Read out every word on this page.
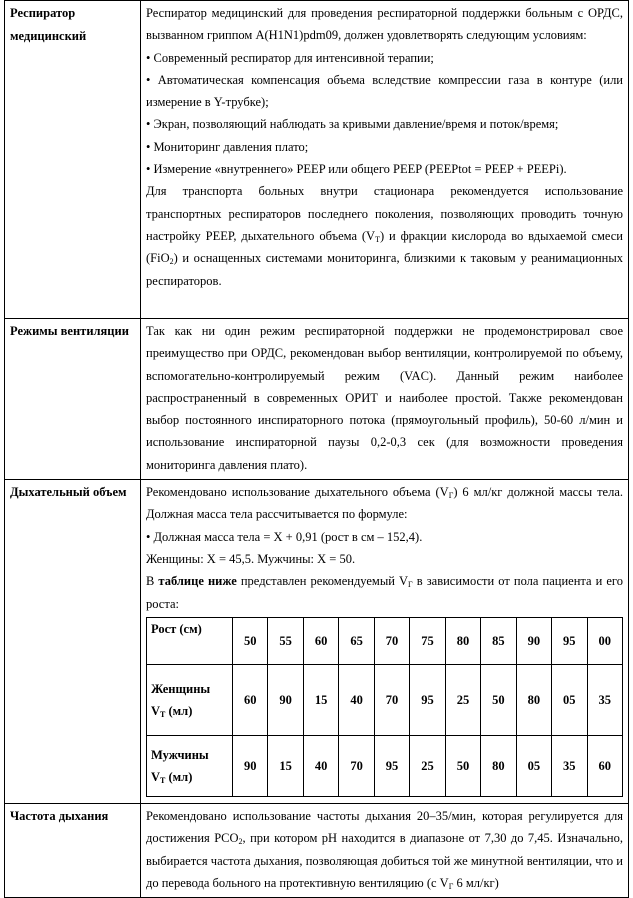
Респиратор медицинский	

Респиратор медицинский для проведения респираторной поддержки больным с ОРДС, вызванном гриппом A(H1N1)pdm09, должен удовлетворять следующим условиям:

• Современный респиратор для интенсивной терапии;

• Автоматическая компенсация объема вследствие компрессии газа в контуре (или измерение в Y-трубке);

• Экран, позволяющий наблюдать за кривыми давление/время и поток/время;

• Мониторинг давления плато;

• Измерение «внутреннего» PEEP или общего PEEP (PEEPtot = PEEP + PEEPi).

Для транспорта больных внутри стационара рекомендуется использование транспортных респираторов последнего поколения, позволяющих проводить точную настройку PEEP, дыхательного объема $(V_T)$ и фракции кислорода во вдыхаемой смеси (FiO$_2$) и оснащенных системами мониторинга, близкими к таковым у реанимационных респираторов.

Режимы вентиляции	Так как ни один режим респираторной поддержки не продемонстрировал свое преимущество при ОРДС, рекомендован выбор вентиляции, контролируемой по объему, вспомогательно-контролируемый режим (VAC). Данный режим наиболее распространенный в современных ОРИТ и наиболее простой. Также рекомендован выбор постоянного инспираторного потока (прямоугольный профиль), 50-60 л/мин и использование инспираторной паузы 0,2-0,3 сек (для возможности проведения мониторинга давления плато).

Дыхательный объем	Рекомендовано использование дыхательного объема $(V_Г)$ 6 мл/кг должной массы тела. Должная масса тела рассчитывается по формуле:

• Должная масса тела = Х + 0,91 (рост в см – 152,4).

Женщины: Х = 45,5. Мужчины: Х = 50.

В таблице ниже представлен рекомендуемый $V_Г$ в зависимости от пола пациента и его роста:

Рост (см)	50	55	60	65	70	75	80	85	90	95	00
Женщины
$V_T$ (мл)	60	90	15	40	70	95	25	50	80	05	35
Мужчины
$V_T$ (мл)	90	15	40	70	95	25	50	80	05	35	60

Частота дыхания	Рекомендовано использование частоты дыхания 20–35/мин, которая регулируется для достижения $PCO_2$, при котором pH находится в диапазоне от 7,30 до 7,45. Изначально, выбирается частота дыхания, позволяющая добиться той же минутной вентиляции, что и до перевода больного на протективную вентиляцию (с $V_Г$ 6 мл/кг)
